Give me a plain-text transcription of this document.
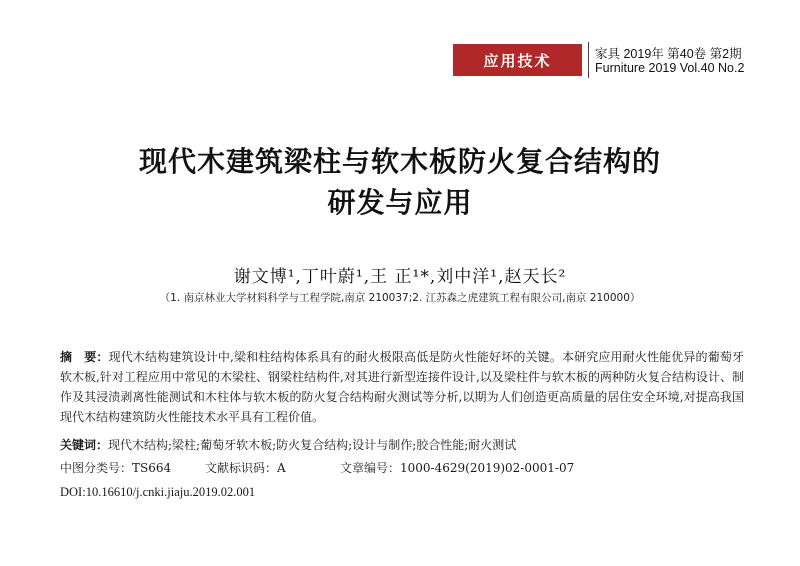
应用技术	家具 2019年 第40卷 第2期
Furniture 2019 Vol.40 No.2
现代木建筑梁柱与软木板防火复合结构的
研发与应用
谢文博¹,丁叶蔚¹,王 正¹*,刘中洋¹,赵天长²
（1. 南京林业大学材料科学与工程学院,南京 210037;2. 江苏森之虎建筑工程有限公司,南京 210000）
摘　要：现代木结构建筑设计中,梁和柱结构体系具有的耐火极限高低是防火性能好坏的关键。本研究应用耐火性能优异的葡萄牙软木板,针对工程应用中常见的木梁柱、钢梁柱结构件,对其进行新型连接件设计,以及梁柱件与软木板的两种防火复合结构设计、制作及其浸渍剥离性能测试和木柱体与软木板的防火复合结构耐火测试等分析,以期为人们创造更高质量的居住安全环境,对提高我国现代木结构建筑防火性能技术水平具有工程价值。
关键词：现代木结构;梁柱;葡萄牙软木板;防火复合结构;设计与制作;胶合性能;耐火测试
中图分类号：TS664	文献标识码：A	文章编号：1000-4629(2019)02-0001-07
DOI:10.16610/j.cnki.jiaju.2019.02.001
